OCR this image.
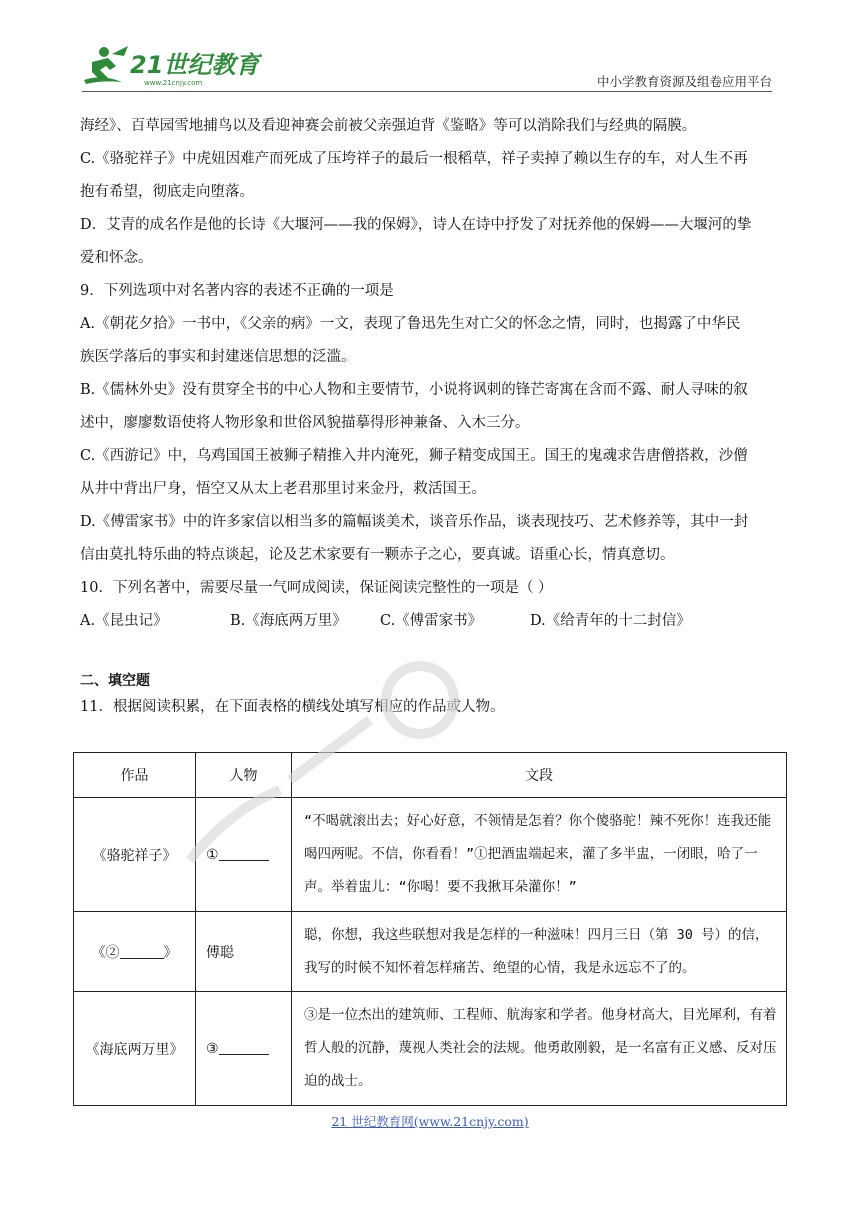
21世纪教育
www.21cnjy.com	中小学教育资源及组卷应用平台

海经》、百草园雪地捕鸟以及看迎神赛会前被父亲强迫背《鉴略》等可以消除我们与经典的隔膜。

C.《骆驼祥子》中虎妞因难产而死成了压垮祥子的最后一根稻草，祥子卖掉了赖以生存的车，对人生不再

抱有希望，彻底走向堕落。

D．艾青的成名作是他的长诗《大堰河——我的保姆》，诗人在诗中抒发了对抚养他的保姆——大堰河的挚

爱和怀念。

9．下列选项中对名著内容的表述不正确的一项是

A.《朝花夕拾》一书中，《父亲的病》一文，表现了鲁迅先生对亡父的怀念之情，同时，也揭露了中华民

族医学落后的事实和封建迷信思想的泛滥。

B.《儒林外史》没有贯穿全书的中心人物和主要情节，小说将讽刺的锋芒寄寓在含而不露、耐人寻味的叙

述中，廖廖数语使将人物形象和世俗风貌描摹得形神兼备、入木三分。

C.《西游记》中，乌鸡国国王被狮子精推入井内淹死，狮子精变成国王。国王的鬼魂求告唐僧搭救，沙僧

从井中背出尸身，悟空又从太上老君那里讨来金丹，救活国王。

D.《傅雷家书》中的许多家信以相当多的篇幅谈美术，谈音乐作品，谈表现技巧、艺术修养等，其中一封

信由莫扎特乐曲的特点谈起，论及艺术家要有一颗赤子之心，要真诚。语重心长，情真意切。

10．下列名著中，需要尽量一气呵成阅读，保证阅读完整性的一项是（ ）

A.《昆虫记》	B.《海底两万里》	C.《傅雷家书》	D.《给青年的十二封信》
二、填空题
11．根据阅读积累，在下面表格的横线处填写相应的作品或人物。
作品	人物	文段
《骆驼祥子》	①	“不喝就滚出去；好心好意，不领情是怎着？你个傻骆驼！辣不死你！连我还能喝四两呢。不信，你看看！”①把酒盅端起来，灌了多半盅，一闭眼，哈了一声。举着盅儿：“你喝！要不我揪耳朵灌你！”
《② 》	傅聪	聪，你想，我这些联想对我是怎样的一种滋味！四月三日（第 30 号）的信，我写的时候不知怀着怎样痛苦、绝望的心情，我是永远忘不了的。
《海底两万里》	③	③是一位杰出的建筑师、工程师、航海家和学者。他身材高大，目光犀利，有着哲人般的沉静，蔑视人类社会的法规。他勇敢刚毅，是一名富有正义感、反对压迫的战士。
21 世纪教育网(www.21cnjy.com)
